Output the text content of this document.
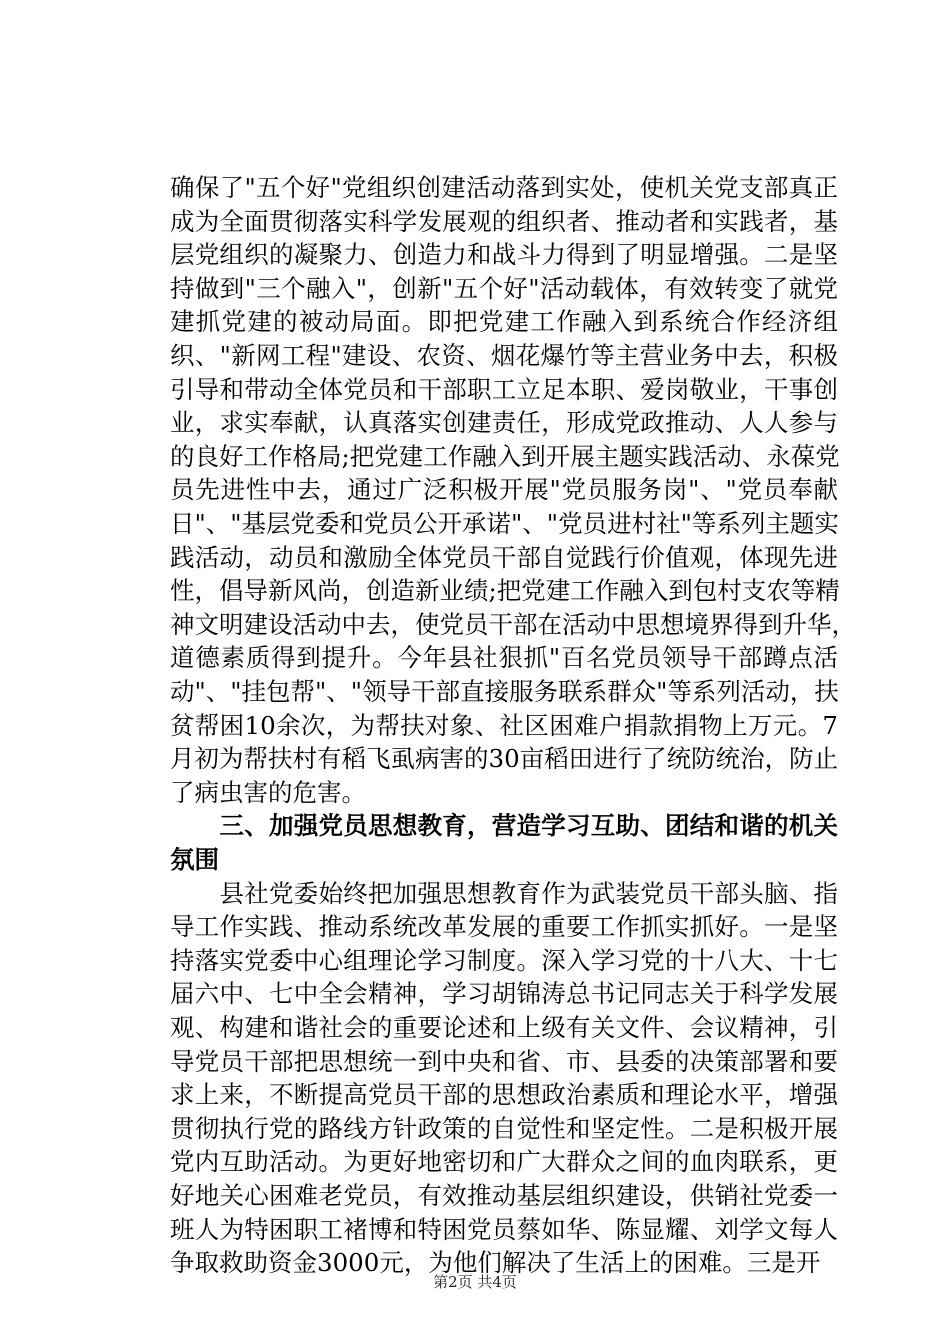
确保了"五个好"党组织创建活动落到实处，使机关党支部真正
成为全面贯彻落实科学发展观的组织者、推动者和实践者，基
层党组织的凝聚力、创造力和战斗力得到了明显增强。二是坚
持做到"三个融入"，创新"五个好"活动载体，有效转变了就党
建抓党建的被动局面。即把党建工作融入到系统合作经济组
织、"新网工程"建设、农资、烟花爆竹等主营业务中去，积极
引导和带动全体党员和干部职工立足本职、爱岗敬业，干事创
业，求实奉献，认真落实创建责任，形成党政推动、人人参与
的良好工作格局;把党建工作融入到开展主题实践活动、永葆党
员先进性中去，通过广泛积极开展"党员服务岗"、"党员奉献
日"、"基层党委和党员公开承诺"、"党员进村社"等系列主题实
践活动，动员和激励全体党员干部自觉践行价值观，体现先进
性，倡导新风尚，创造新业绩;把党建工作融入到包村支农等精
神文明建设活动中去，使党员干部在活动中思想境界得到升华，
道德素质得到提升。今年县社狠抓"百名党员领导干部蹲点活
动"、"挂包帮"、"领导干部直接服务联系群众"等系列活动，扶
贫帮困10余次，为帮扶对象、社区困难户捐款捐物上万元。7
月初为帮扶村有稻飞虱病害的30亩稻田进行了统防统治，防止
了病虫害的危害。
　　三、加强党员思想教育，营造学习互助、团结和谐的机关
氛围
　　县社党委始终把加强思想教育作为武装党员干部头脑、指
导工作实践、推动系统改革发展的重要工作抓实抓好。一是坚
持落实党委中心组理论学习制度。深入学习党的十八大、十七
届六中、七中全会精神，学习胡锦涛总书记同志关于科学发展
观、构建和谐社会的重要论述和上级有关文件、会议精神，引
导党员干部把思想统一到中央和省、市、县委的决策部署和要
求上来，不断提高党员干部的思想政治素质和理论水平，增强
贯彻执行党的路线方针政策的自觉性和坚定性。二是积极开展
党内互助活动。为更好地密切和广大群众之间的血肉联系，更
好地关心困难老党员，有效推动基层组织建设，供销社党委一
班人为特困职工褚博和特困党员蔡如华、陈显耀、刘学文每人
争取救助资金3000元，为他们解决了生活上的困难。三是开
第2页 共4页
